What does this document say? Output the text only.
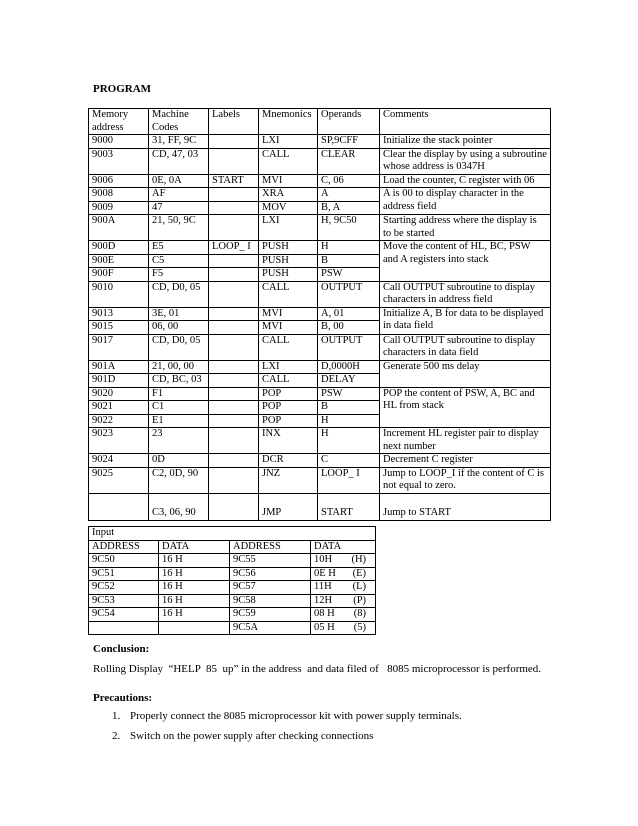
PROGRAM
Memory address	Machine Codes	Labels	Mnemonics	Operands	Comments
9000	31, FF, 9C		LXI	SP,9CFF	Initialize the stack pointer
9003	CD, 47, 03		CALL	CLEAR	Clear the display by using a subroutine whose address is 0347H
9006	0E, 0A	START	MVI	C, 06	Load the counter, C register with 06
9008	AF		XRA	A	A is 00 to display character in the address field
9009	47		MOV	B, A	
900A	21, 50, 9C		LXI	H, 9C50	Starting address where the display is to be started
900D	E5	LOOP_ I	PUSH	H	Move the content of HL, BC, PSW and A registers into stack
900E	C5		PUSH	B	
900F	F5		PUSH	PSW	
9010	CD, D0, 05		CALL	OUTPUT	Call OUTPUT subroutine to display characters in address field
9013	3E, 01		MVI	A, 01	Initialize A, B for data to be displayed in data field
9015	06, 00		MVI	B, 00	
9017	CD, D0, 05		CALL	OUTPUT	Call OUTPUT subroutine to display characters in data field
901A	21, 00, 00		LXI	D,0000H	Generate 500 ms delay
901D	CD, BC, 03		CALL	DELAY	
9020	F1		POP	PSW	POP the content of PSW, A, BC and HL from stack
9021	C1		POP	B	
9022	E1		POP	H	
9023	23		INX	H	Increment HL register pair to display next number
9024	0D		DCR	C	Decrement C register
9025	C2, 0D, 90		JNZ	LOOP_ I	Jump to LOOP_I if the content of C is not equal to zero.
	C3, 06, 90		JMP	START	Jump to START
Input			
ADDRESS	DATA	ADDRESS	DATA
9C50	16 H	9C55	10H (H)

9C51	16 H	9C56	0E H (E)

9C52	16 H	9C57	11H (L)

9C53	16 H	9C58	12H (P)

9C54	16 H	9C59	08 H (8)

		9C5A	05 H (5)
Conclusion:
Rolling Display  “HELP  85  up” in the address  and data filed of   8085 microprocessor is performed.
Precautions:
1. Properly connect the 8085 microprocessor kit with power supply terminals.
2. Switch on the power supply after checking connections
